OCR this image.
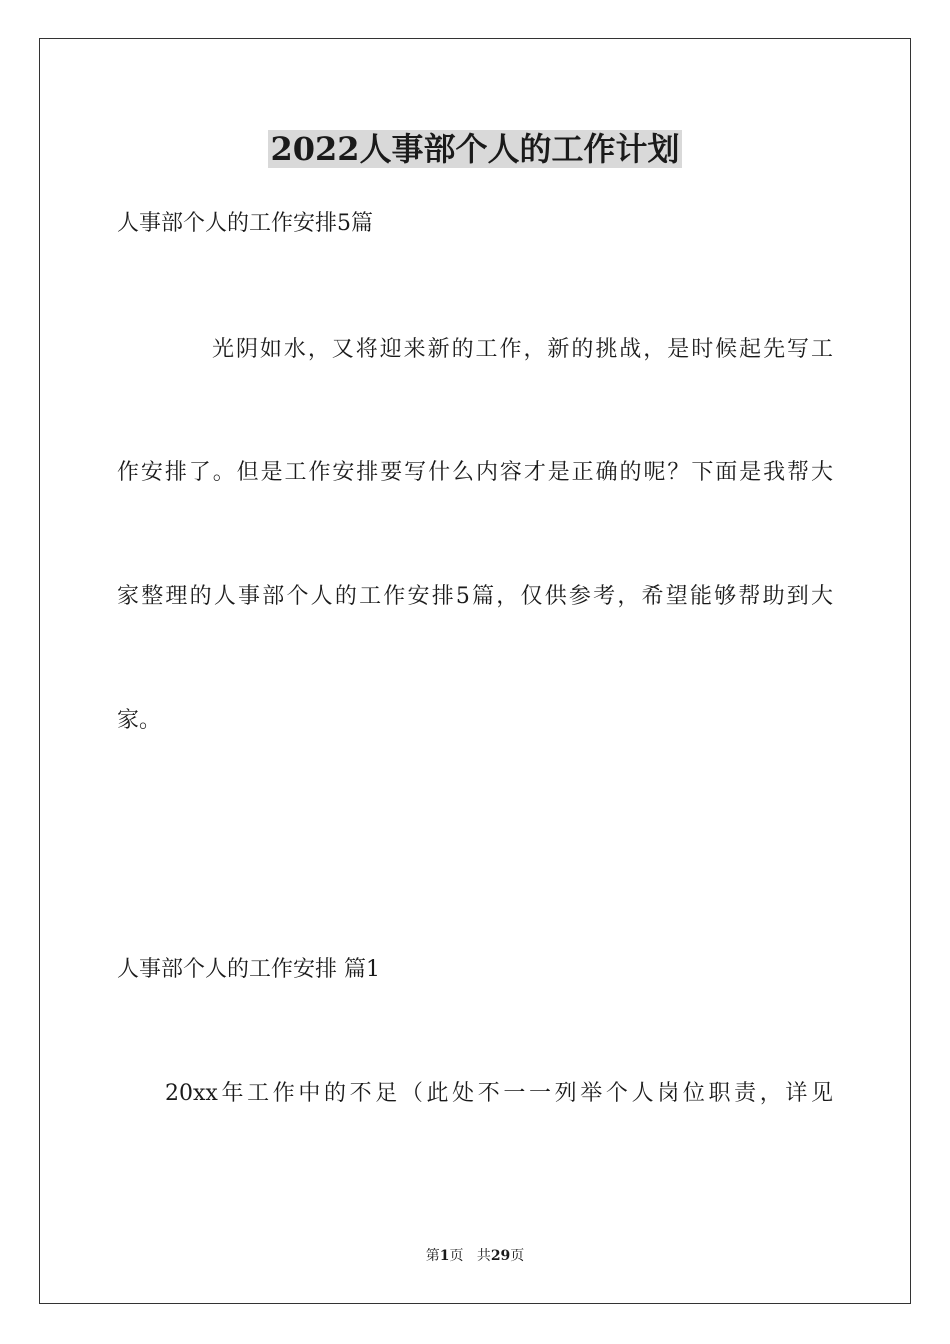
2022人事部个人的工作计划
人事部个人的工作安排5篇
光阴如水，又将迎来新的工作，新的挑战，是时候起先写工
作安排了。但是工作安排要写什么内容才是正确的呢？下面是我帮大
家整理的人事部个人的工作安排5篇，仅供参考，希望能够帮助到大
家。
人事部个人的工作安排 篇1
20xx年工作中的不足（此处不一一列举个人岗位职责，详见
第1页 共29页
